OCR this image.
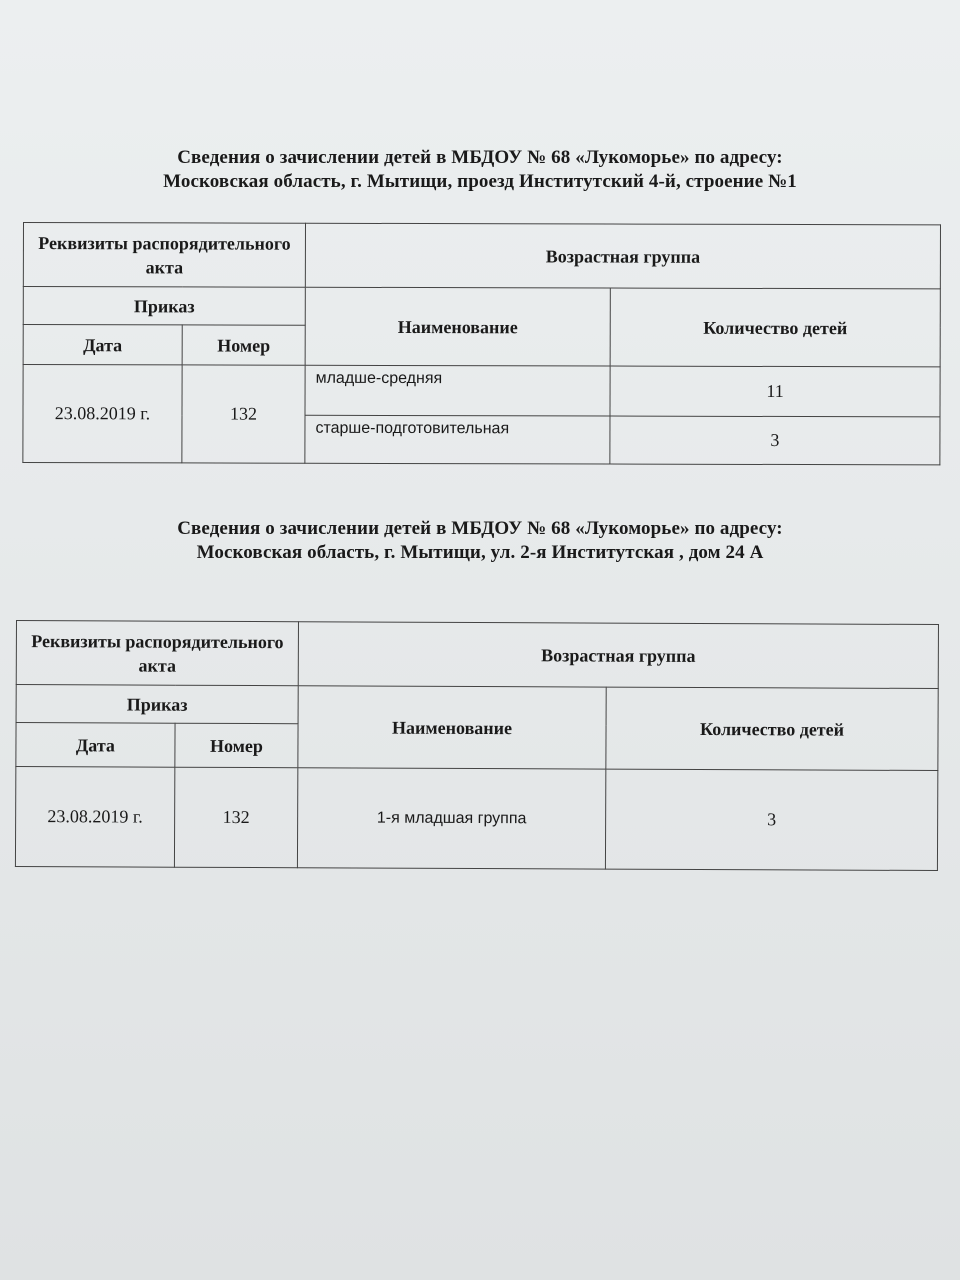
Сведения о зачислении детей в МБДОУ № 68 «Лукоморье» по адресу:
Московская область, г. Мытищи, проезд Институтский 4-й, строение №1
Реквизиты распорядительного акта		Возрастная группа	
Приказ		Наименование	Количество детей
Дата	Номер		
23.08.2019 г.	132	младше-средняя	11
		старше-подготовительная	3
Сведения о зачислении детей в МБДОУ № 68 «Лукоморье» по адресу:
Московская область, г. Мытищи, ул. 2-я Институтская , дом 24 А
Реквизиты распорядительного акта		Возрастная группа	
Приказ		Наименование	Количество детей
Дата	Номер		
23.08.2019 г.	132	1-я младшая группа	3
